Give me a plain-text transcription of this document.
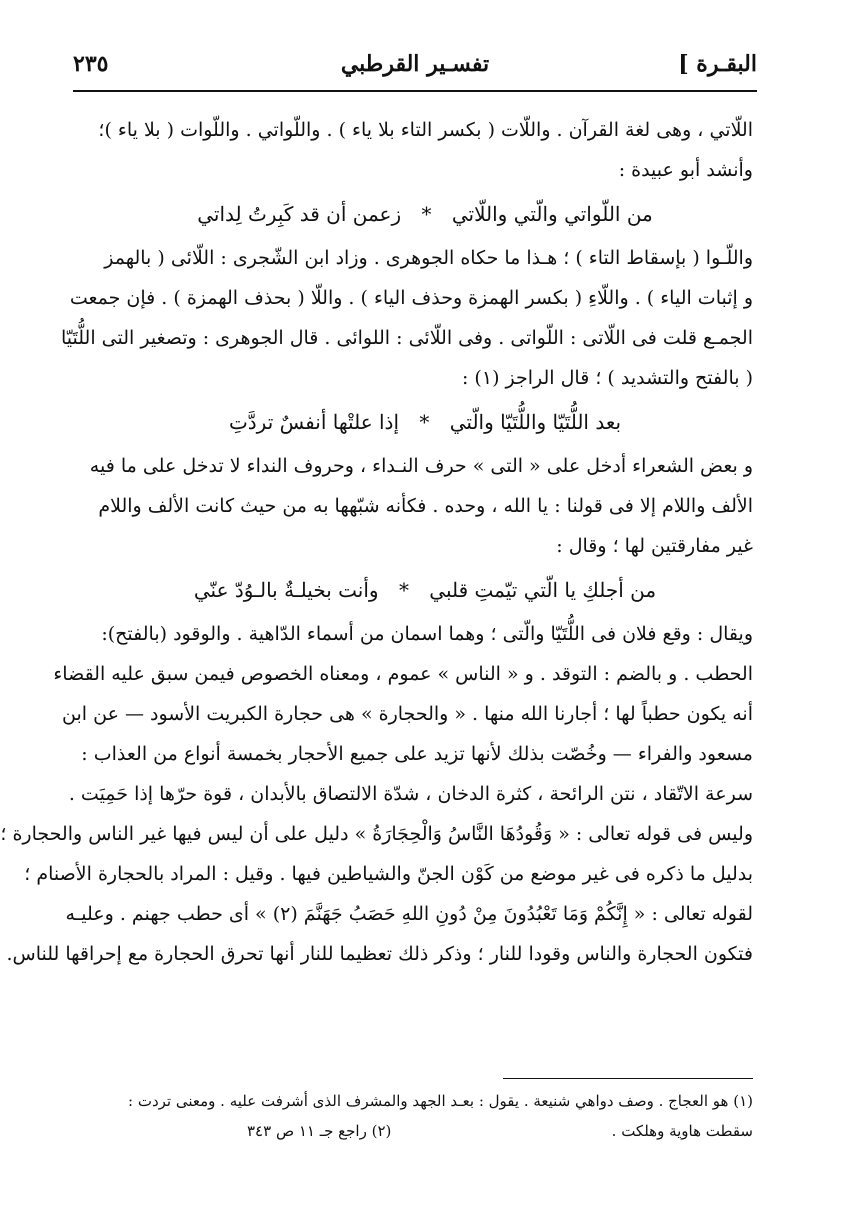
البقـرة ]
تفسـير القرطبي
٢٣٥
اللّاتي ، وهى لغة القرآن . واللّات ( بكسر التاء بلا ياء ) . واللّواتي . واللّوات ( بلا ياء )؛
وأنشد أبو عبيدة :
من اللّواتي والّتي واللّاتي * زعمن أن قد كَبِرتُ لِداتي
واللّـوا ( بإسقاط التاء ) ؛ هـذا ما حكاه الجوهرى . وزاد ابن الشّجرى : اللّائى ( بالهمز
و إثبات الياء ) . واللّاءِ ( بكسر الهمزة وحذف الياء ) . واللّا ( بحذف الهمزة ) . فإن جمعت
الجمـع قلت فى اللّاتى : اللّواتى . وفى اللّائى : اللوائى . قال الجوهرى : وتصغير التى اللُّتَيّا
( بالفتح والتشديد ) ؛ قال الراجز (١) :
بعد اللُّتَيّا واللُّتَيّا والّتي * إذا علتْها أنفسٌ تردَّتِ
و بعض الشعراء أدخل على « التى » حرف النـداء ، وحروف النداء لا تدخل على ما فيه
الألف واللام إلا فى قولنا : يا الله ، وحده . فكأنه شبّهها به من حيث كانت الألف واللام
غير مفارقتين لها ؛ وقال :
من أجلكِ يا الّتي تيّمتِ قلبي * وأنت بخيلـةٌ بالـوُدّ عنّي
ويقال : وقع فلان فى اللُّتَيّا والّتى ؛ وهما اسمان من أسماء الدّاهية . والوقود (بالفتح):
الحطب . و بالضم : التوقد . و « الناس » عموم ، ومعناه الخصوص فيمن سبق عليه القضاء
أنه يكون حطباً لها ؛ أجارنا الله منها . « والحجارة » هى حجارة الكبريت الأسود — عن ابن
مسعود والفراء — وخُصّت بذلك لأنها تزيد على جميع الأحجار بخمسة أنواع من العذاب :
سرعة الاتّقاد ، نتن الرائحة ، كثرة الدخان ، شدّة الالتصاق بالأبدان ، قوة حرّها إذا حَمِيَت .
وليس فى قوله تعالى : « وَقُودُهَا النَّاسُ وَالْحِجَارَةُ » دليل على أن ليس فيها غير الناس والحجارة ؛
بدليل ما ذكره فى غير موضع من كَوْن الجنّ والشياطين فيها . وقيل : المراد بالحجارة الأصنام ؛
لقوله تعالى : « إِنَّكُمْ وَمَا تَعْبُدُونَ مِنْ دُونِ اللهِ حَصَبُ جَهَنَّمَ (٢) » أى حطب جهنم . وعليـه
فتكون الحجارة والناس وقودا للنار ؛ وذكر ذلك تعظيما للنار أنها تحرق الحجارة مع إحراقها للناس.
(١) هو العجاج . وصف دواهي شنيعة . يقول : بعـد الجهد والمشرف الذى أشرفت عليه . ومعنى تردت :
سقطت هاوية وهلكت .
(٢) راجع جـ ١١ ص ٣٤٣
